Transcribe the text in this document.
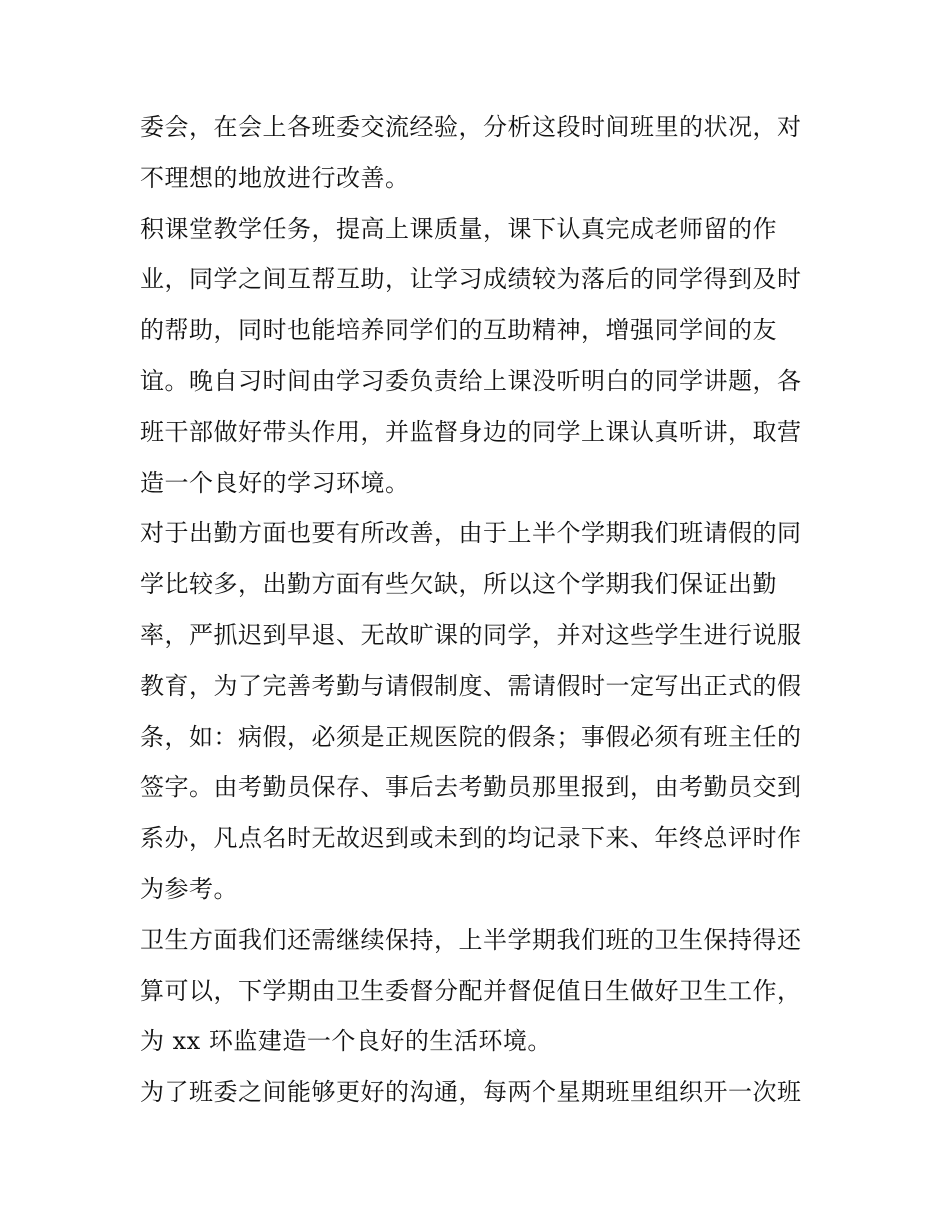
委会，在会上各班委交流经验，分析这段时间班里的状况，对
不理想的地放进行改善。
积课堂教学任务，提高上课质量，课下认真完成老师留的作
业，同学之间互帮互助，让学习成绩较为落后的同学得到及时
的帮助，同时也能培养同学们的互助精神，增强同学间的友
谊。晚自习时间由学习委负责给上课没听明白的同学讲题，各
班干部做好带头作用，并监督身边的同学上课认真听讲，取营
造一个良好的学习环境。
对于出勤方面也要有所改善，由于上半个学期我们班请假的同
学比较多，出勤方面有些欠缺，所以这个学期我们保证出勤
率，严抓迟到早退、无故旷课的同学，并对这些学生进行说服
教育，为了完善考勤与请假制度、需请假时一定写出正式的假
条，如：病假，必须是正规医院的假条；事假必须有班主任的
签字。由考勤员保存、事后去考勤员那里报到，由考勤员交到
系办，凡点名时无故迟到或未到的均记录下来、年终总评时作
为参考。
卫生方面我们还需继续保持，上半学期我们班的卫生保持得还
算可以，下学期由卫生委督分配并督促值日生做好卫生工作，
为 xx 环监建造一个良好的生活环境。
为了班委之间能够更好的沟通，每两个星期班里组织开一次班
